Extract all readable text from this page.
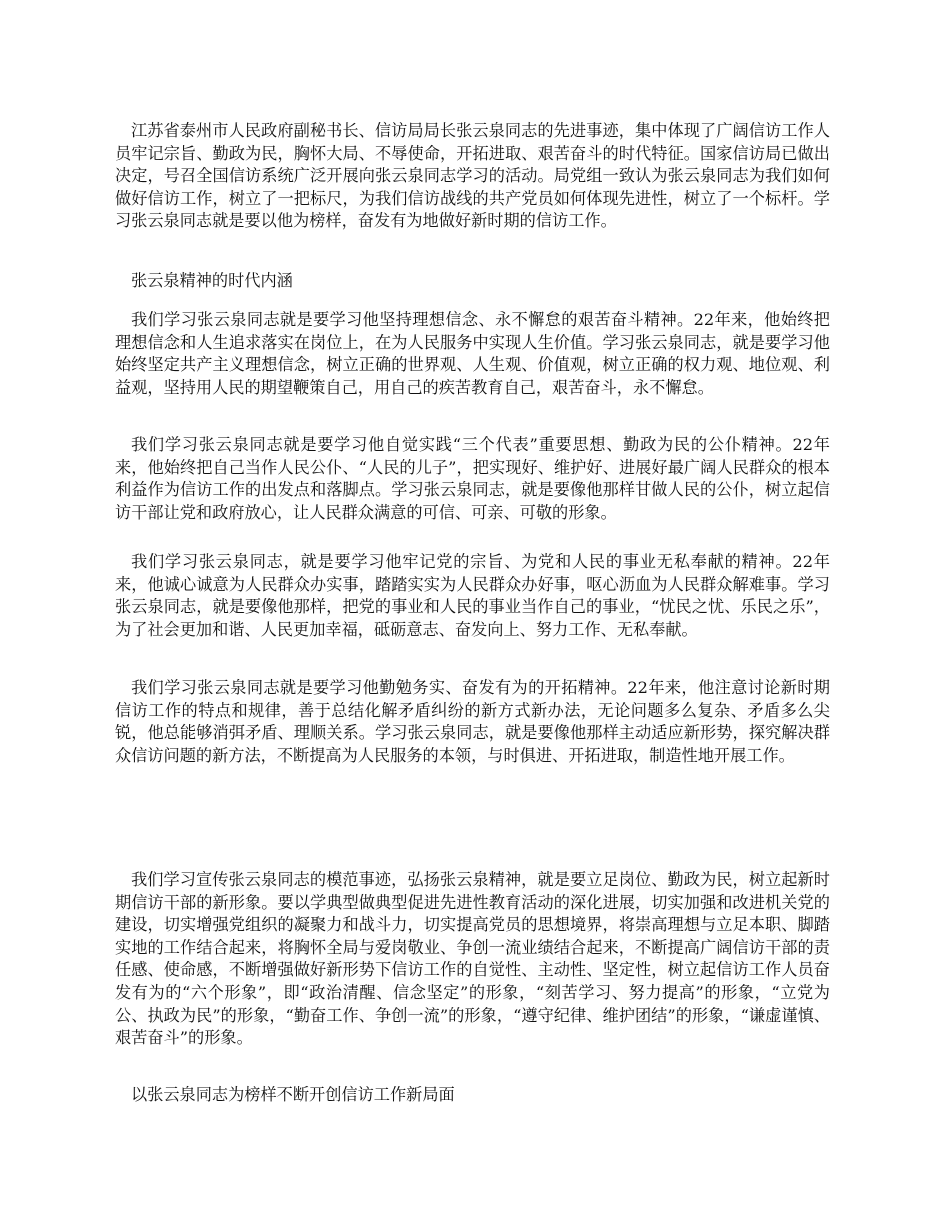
江苏省泰州市人民政府副秘书长、信访局局长张云泉同志的先进事迹，集中体现了广阔信访工作人员牢记宗旨、勤政为民，胸怀大局、不辱使命，开拓进取、艰苦奋斗的时代特征。国家信访局已做出决定，号召全国信访系统广泛开展向张云泉同志学习的活动。局党组一致认为张云泉同志为我们如何做好信访工作，树立了一把标尺，为我们信访战线的共产党员如何体现先进性，树立了一个标杆。学习张云泉同志就是要以他为榜样，奋发有为地做好新时期的信访工作。

张云泉精神的时代内涵

我们学习张云泉同志就是要学习他坚持理想信念、永不懈怠的艰苦奋斗精神。22年来，他始终把理想信念和人生追求落实在岗位上，在为人民服务中实现人生价值。学习张云泉同志，就是要学习他始终坚定共产主义理想信念，树立正确的世界观、人生观、价值观，树立正确的权力观、地位观、利益观，坚持用人民的期望鞭策自己，用自己的疾苦教育自己，艰苦奋斗，永不懈怠。

我们学习张云泉同志就是要学习他自觉实践“三个代表”重要思想、勤政为民的公仆精神。22年来，他始终把自己当作人民公仆、“人民的儿子”，把实现好、维护好、进展好最广阔人民群众的根本利益作为信访工作的出发点和落脚点。学习张云泉同志，就是要像他那样甘做人民的公仆，树立起信访干部让党和政府放心，让人民群众满意的可信、可亲、可敬的形象。

我们学习张云泉同志，就是要学习他牢记党的宗旨、为党和人民的事业无私奉献的精神。22年来，他诚心诚意为人民群众办实事，踏踏实实为人民群众办好事，呕心沥血为人民群众解难事。学习张云泉同志，就是要像他那样，把党的事业和人民的事业当作自己的事业，“忧民之忧、乐民之乐”，为了社会更加和谐、人民更加幸福，砥砺意志、奋发向上、努力工作、无私奉献。

我们学习张云泉同志就是要学习他勤勉务实、奋发有为的开拓精神。22年来，他注意讨论新时期信访工作的特点和规律，善于总结化解矛盾纠纷的新方式新办法，无论问题多么复杂、矛盾多么尖锐，他总能够消弭矛盾、理顺关系。学习张云泉同志，就是要像他那样主动适应新形势，探究解决群众信访问题的新方法，不断提高为人民服务的本领，与时俱进、开拓进取，制造性地开展工作。

我们学习宣传张云泉同志的模范事迹，弘扬张云泉精神，就是要立足岗位、勤政为民，树立起新时期信访干部的新形象。要以学典型做典型促进先进性教育活动的深化进展，切实加强和改进机关党的建设，切实增强党组织的凝聚力和战斗力，切实提高党员的思想境界，将崇高理想与立足本职、脚踏实地的工作结合起来，将胸怀全局与爱岗敬业、争创一流业绩结合起来，不断提高广阔信访干部的责任感、使命感，不断增强做好新形势下信访工作的自觉性、主动性、坚定性，树立起信访工作人员奋发有为的“六个形象”，即“政治清醒、信念坚定”的形象，“刻苦学习、努力提高”的形象，“立党为公、执政为民”的形象，“勤奋工作、争创一流”的形象，“遵守纪律、维护团结”的形象，“谦虚谨慎、艰苦奋斗”的形象。

以张云泉同志为榜样不断开创信访工作新局面
